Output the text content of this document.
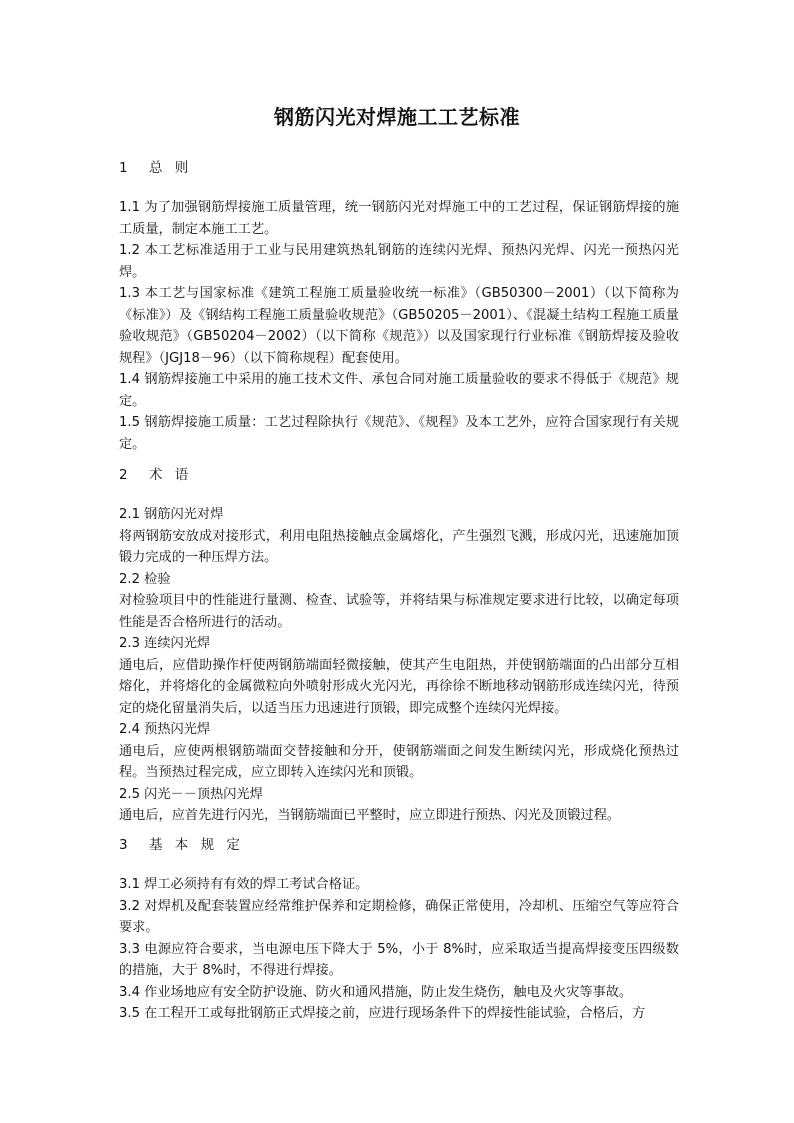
钢筋闪光对焊施工工艺标准
1 总 则

1.1 为了加强钢筋焊接施工质量管理，统一钢筋闪光对焊施工中的工艺过程，保证钢筋焊接的施工质量，制定本施工工艺。

1.2 本工艺标准适用于工业与民用建筑热轧钢筋的连续闪光焊、预热闪光焊、闪光一预热闪光焊。

1.3 本工艺与国家标准《建筑工程施工质量验收统一标准》（GB50300－2001）（以下简称为《标准》）及《钢结构工程施工质量验收规范》（GB50205－2001）、《混凝土结构工程施工质量验收规范》（GB50204－2002）（以下简称《规范》）以及国家现行行业标准《钢筋焊接及验收规程》（JGJ18－96）（以下简称规程）配套使用。

1.4 钢筋焊接施工中采用的施工技术文件、承包合同对施工质量验收的要求不得低于《规范》规定。

1.5 钢筋焊接施工质量：工艺过程除执行《规范》、《规程》及本工艺外，应符合国家现行有关规定。

2 术 语

2.1 钢筋闪光对焊

将两钢筋安放成对接形式，利用电阻热接触点金属熔化，产生强烈飞溅，形成闪光，迅速施加顶锻力完成的一种压焊方法。

2.2 检验

对检验项目中的性能进行量测、检查、试验等，并将结果与标准规定要求进行比较，以确定每项性能是否合格所进行的活动。

2.3 连续闪光焊

通电后，应借助操作杆使两钢筋端面轻微接触，使其产生电阻热，并使钢筋端面的凸出部分互相熔化，并将熔化的金属微粒向外喷射形成火光闪光，再徐徐不断地移动钢筋形成连续闪光，待预定的烧化留量消失后，以适当压力迅速进行顶锻，即完成整个连续闪光焊接。

2.4 预热闪光焊

通电后，应使两根钢筋端面交替接触和分开，使钢筋端面之间发生断续闪光，形成烧化预热过程。当预热过程完成，应立即转入连续闪光和顶锻。

2.5 闪光－－顶热闪光焊

通电后，应首先进行闪光，当钢筋端面已平整时，应立即进行预热、闪光及顶锻过程。

3 基 本 规 定

3.1 焊工必须持有有效的焊工考试合格证。

3.2 对焊机及配套装置应经常维护保养和定期检修，确保正常使用，冷却机、压缩空气等应符合要求。

3.3 电源应符合要求，当电源电压下降大于 5%，小于 8%时，应采取适当提高焊接变压四级数的措施，大于 8%时，不得进行焊接。

3.4 作业场地应有安全防护设施、防火和通风措施，防止发生烧伤，触电及火灾等事故。

3.5 在工程开工或每批钢筋正式焊接之前，应进行现场条件下的焊接性能试验，合格后，方
